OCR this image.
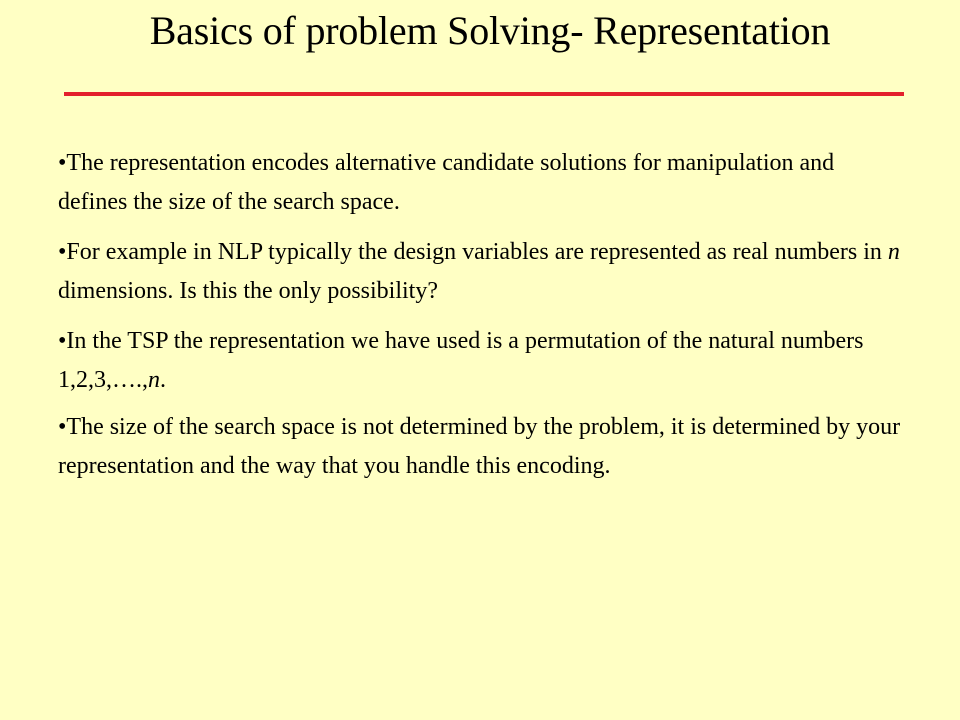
Basics of problem Solving- Representation
•The representation encodes alternative candidate solutions for manipulation and defines the size of the search space.
•For example in NLP typically the design variables are represented as real numbers in n dimensions. Is this the only possibility?
•In the TSP the representation we have used is a permutation of the natural numbers 1,2,3,….,n.
•The size of the search space is not determined by the problem, it is determined by your representation and the way that you handle this encoding.
